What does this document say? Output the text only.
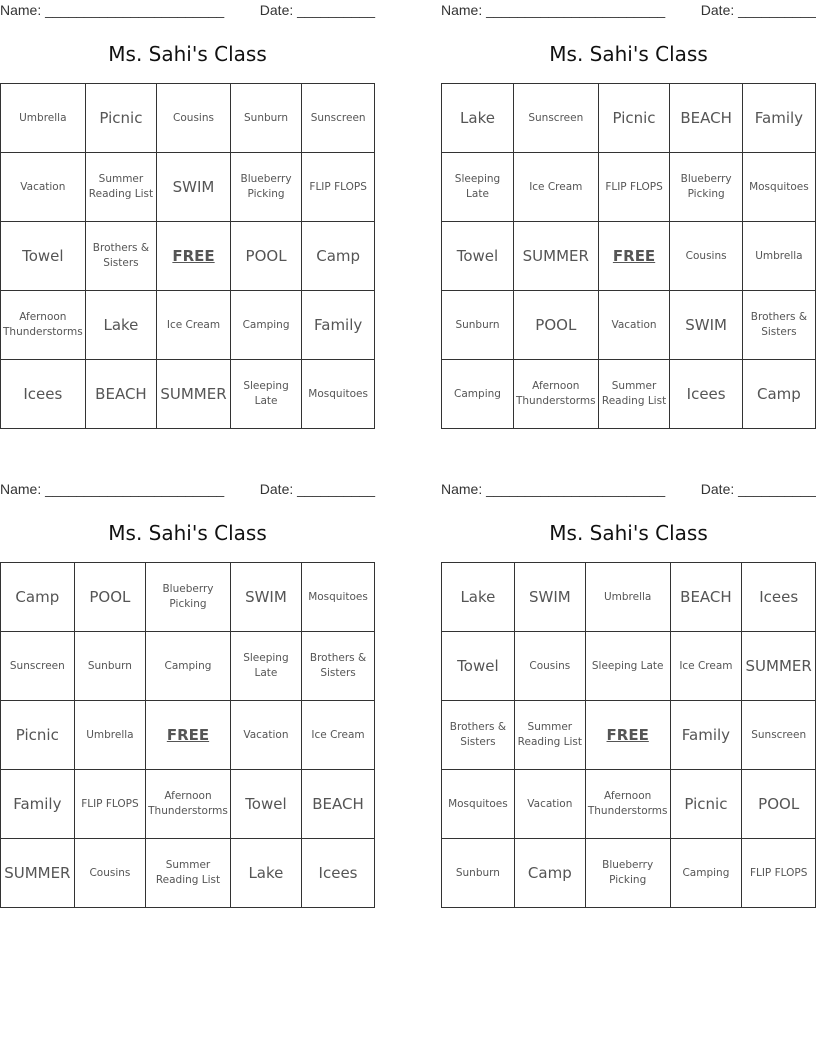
Name: _______________________	Date: __________
Ms. Sahi's Class
Umbrella	Picnic	Cousins	Sunburn	Sunscreen
Vacation	Summer Reading List	SWIM	Blueberry Picking	FLIP FLOPS
Towel	Brothers & Sisters	FREE	POOL	Camp
Afernoon Thunderstorms	Lake	Ice Cream	Camping	Family
Icees	BEACH	SUMMER	Sleeping Late	Mosquitoes
Name: _______________________	Date: __________
Ms. Sahi's Class
Lake	Sunscreen	Picnic	BEACH	Family
Sleeping Late	Ice Cream	FLIP FLOPS	Blueberry Picking	Mosquitoes
Towel	SUMMER	FREE	Cousins	Umbrella
Sunburn	POOL	Vacation	SWIM	Brothers & Sisters
Camping	Afernoon Thunderstorms	Summer Reading List	Icees	Camp
Name: _______________________	Date: __________
Ms. Sahi's Class
Camp	POOL	Blueberry Picking	SWIM	Mosquitoes
Sunscreen	Sunburn	Camping	Sleeping Late	Brothers & Sisters
Picnic	Umbrella	FREE	Vacation	Ice Cream
Family	FLIP FLOPS	Afernoon Thunderstorms	Towel	BEACH
SUMMER	Cousins	Summer Reading List	Lake	Icees
Name: _______________________	Date: __________
Ms. Sahi's Class
Lake	SWIM	Umbrella	BEACH	Icees
Towel	Cousins	Sleeping Late	Ice Cream	SUMMER
Brothers & Sisters	Summer Reading List	FREE	Family	Sunscreen
Mosquitoes	Vacation	Afernoon Thunderstorms	Picnic	POOL
Sunburn	Camp	Blueberry Picking	Camping	FLIP FLOPS
